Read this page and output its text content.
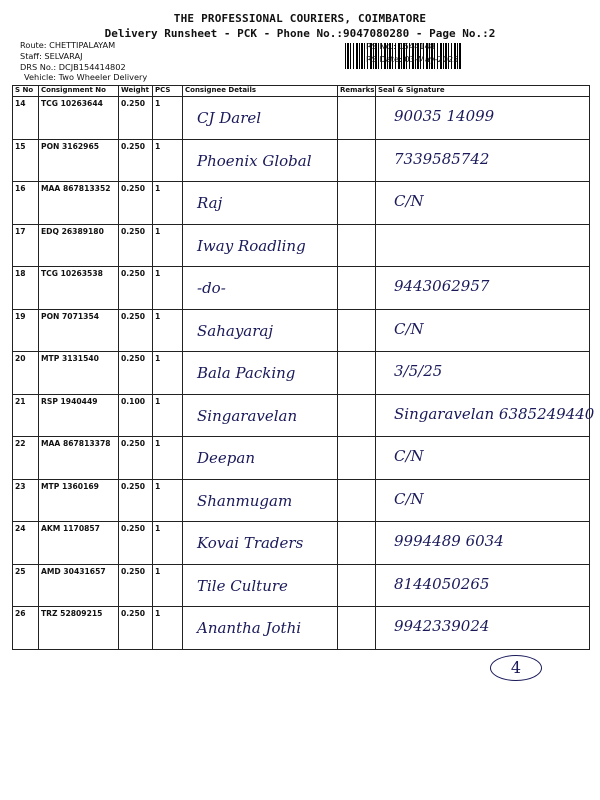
THE PROFESSIONAL COURIERS, COIMBATORE
Delivery Runsheet - PCK - Phone No.:9047080280 - Page No.:2
Route: CHETTIPALAYAM
Staff: SELVARAJ
DRS No.: DCJB154414802
Vehicle: Two Wheeler Delivery
RS No.: 1544148
RS Date: 03-May-2025
S No	Consignment No	Weight	PCS	Consignee Details	Remarks	Seal & Signature
14	TCG 10263644	0.250	1	CJ Darel		90035 14099

15	PON 3162965	0.250	1	Phoenix Global		7339585742

16	MAA 867813352	0.250	1	Raj		C/N

17	EDQ 26389180	0.250	1	Iway Roadling		

18	TCG 10263538	0.250	1	-do-		9443062957

19	PON 7071354	0.250	1	Sahayaraj		C/N

20	MTP 3131540	0.250	1	Bala Packing		3/5/25

21	RSP 1940449	0.100	1	Singaravelan		Singaravelan 6385249440

22	MAA 867813378	0.250	1	Deepan		C/N

23	MTP 1360169	0.250	1	Shanmugam		C/N

24	AKM 1170857	0.250	1	Kovai Traders		9994489 6034

25	AMD 30431657	0.250	1	Tile Culture		8144050265

26	TRZ 52809215	0.250	1	Anantha Jothi		9942339024
4
